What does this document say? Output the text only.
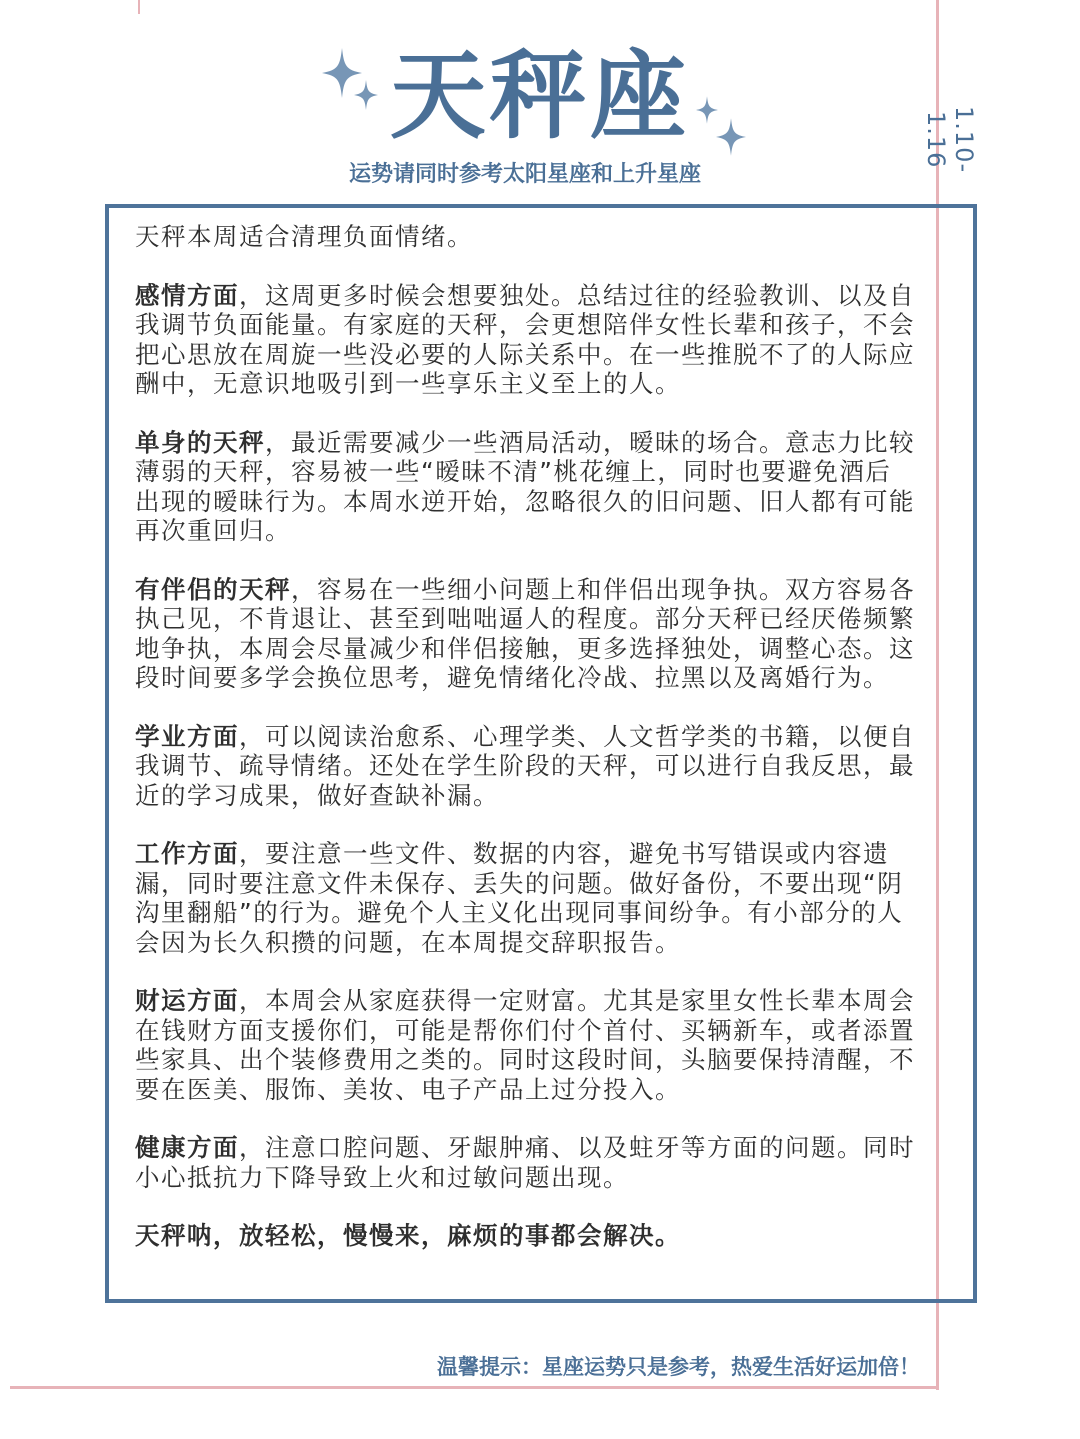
天秤座
运势请同时参考太阳星座和上升星座
1.10-1.16

天秤本周适合清理负面情绪。

感情方面，这周更多时候会想要独处。总结过往的经验教训、以及自我调节负面能量。有家庭的天秤，会更想陪伴女性长辈和孩子，不会把心思放在周旋一些没必要的人际关系中。在一些推脱不了的人际应酬中，无意识地吸引到一些享乐主义至上的人。

单身的天秤，最近需要减少一些酒局活动，暧昧的场合。意志力比较薄弱的天秤，容易被一些“暧昧不清”桃花缠上，同时也要避免酒后出现的暧昧行为。本周水逆开始，忽略很久的旧问题、旧人都有可能再次重回归。

有伴侣的天秤，容易在一些细小问题上和伴侣出现争执。双方容易各执己见，不肯退让、甚至到咄咄逼人的程度。部分天秤已经厌倦频繁地争执，本周会尽量减少和伴侣接触，更多选择独处，调整心态。这段时间要多学会换位思考，避免情绪化冷战、拉黑以及离婚行为。

学业方面，可以阅读治愈系、心理学类、人文哲学类的书籍，以便自我调节、疏导情绪。还处在学生阶段的天秤，可以进行自我反思，最近的学习成果，做好查缺补漏。

工作方面，要注意一些文件、数据的内容，避免书写错误或内容遗漏，同时要注意文件未保存、丢失的问题。做好备份，不要出现“阴沟里翻船”的行为。避免个人主义化出现同事间纷争。有小部分的人会因为长久积攒的问题，在本周提交辞职报告。

财运方面，本周会从家庭获得一定财富。尤其是家里女性长辈本周会在钱财方面支援你们，可能是帮你们付个首付、买辆新车，或者添置些家具、出个装修费用之类的。同时这段时间，头脑要保持清醒，不要在医美、服饰、美妆、电子产品上过分投入。

健康方面，注意口腔问题、牙龈肿痛、以及蛀牙等方面的问题。同时小心抵抗力下降导致上火和过敏问题出现。

天秤呐，放轻松，慢慢来，麻烦的事都会解决。

温馨提示：星座运势只是参考，热爱生活好运加倍！
